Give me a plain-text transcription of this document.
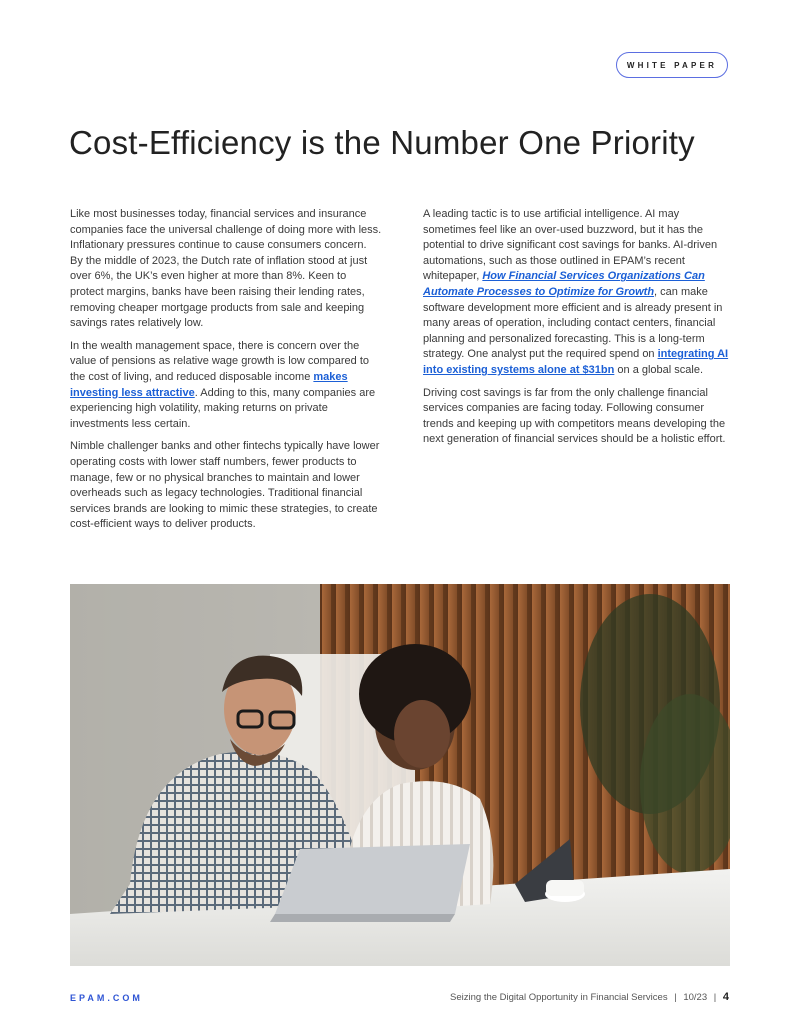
WHITE PAPER
Cost-Efficiency is the Number One Priority

Like most businesses today, financial services and insurance companies face the universal challenge of doing more with less. Inflationary pressures continue to cause consumers concern. By the middle of 2023, the Dutch rate of inflation stood at just over 6%, the UK’s even higher at more than 8%. Keen to protect margins, banks have been raising their lending rates, removing cheaper mortgage products from sale and keeping savings rates relatively low.

In the wealth management space, there is concern over the value of pensions as relative wage growth is low compared to the cost of living, and reduced disposable income makes investing less attractive. Adding to this, many companies are experiencing high volatility, making returns on private investments less certain.

Nimble challenger banks and other fintechs typically have lower operating costs with lower staff numbers, fewer products to manage, few or no physical branches to maintain and lower overheads such as legacy technologies. Traditional financial services brands are looking to mimic these strategies, to create cost-efficient ways to deliver products.

A leading tactic is to use artificial intelligence. AI may sometimes feel like an over-used buzzword, but it has the potential to drive significant cost savings for banks. AI-driven automations, such as those outlined in EPAM’s recent whitepaper, How Financial Services Organizations Can Automate Processes to Optimize for Growth, can make software development more efficient and is already present in many areas of operation, including contact centers, financial planning and personalized forecasting. This is a long-term strategy. One analyst put the required spend on integrating AI into existing systems alone at $31bn on a global scale.

Driving cost savings is far from the only challenge financial services companies are facing today. Following consumer trends and keeping up with competitors means developing the next generation of financial services should be a holistic effort.

EPAM.COM	Seizing the Digital Opportunity in Financial Services | 10/23 | 4
